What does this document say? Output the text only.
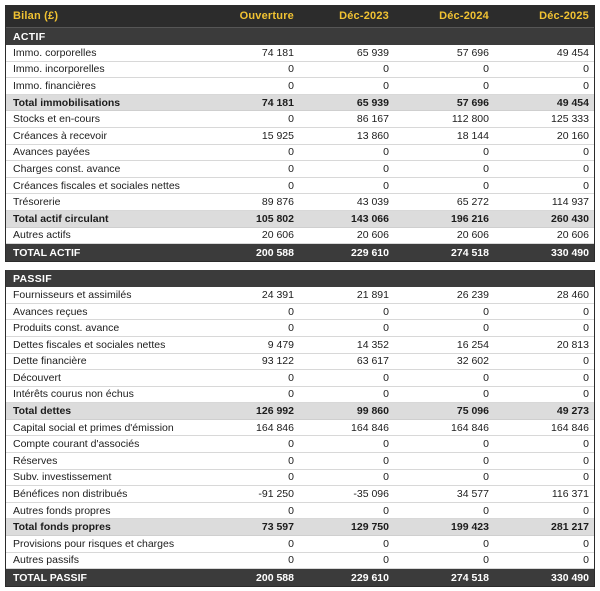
Bilan (£)	Ouverture	Déc-2023	Déc-2024	Déc-2025
ACTIF
Immo. corporelles	74 181	65 939	57 696	49 454
Immo. incorporelles	0	0	0	0
Immo. financières	0	0	0	0
Total immobilisations	74 181	65 939	57 696	49 454
Stocks et en-cours	0	86 167	112 800	125 333
Créances à recevoir	15 925	13 860	18 144	20 160
Avances payées	0	0	0	0
Charges const. avance	0	0	0	0
Créances fiscales et sociales nettes	0	0	0	0
Trésorerie	89 876	43 039	65 272	114 937
Total actif circulant	105 802	143 066	196 216	260 430
Autres actifs	20 606	20 606	20 606	20 606
TOTAL ACTIF	200 588	229 610	274 518	330 490
PASSIF
Fournisseurs et assimilés	24 391	21 891	26 239	28 460
Avances reçues	0	0	0	0
Produits const. avance	0	0	0	0
Dettes fiscales et sociales nettes	9 479	14 352	16 254	20 813
Dette financière	93 122	63 617	32 602	0
Découvert	0	0	0	0
Intérêts courus non échus	0	0	0	0
Total dettes	126 992	99 860	75 096	49 273
Capital social et primes d'émission	164 846	164 846	164 846	164 846
Compte courant d'associés	0	0	0	0
Réserves	0	0	0	0
Subv. investissement	0	0	0	0
Bénéfices non distribués	-91 250	-35 096	34 577	116 371
Autres fonds propres	0	0	0	0
Total fonds propres	73 597	129 750	199 423	281 217
Provisions pour risques et charges	0	0	0	0
Autres passifs	0	0	0	0
TOTAL PASSIF	200 588	229 610	274 518	330 490
